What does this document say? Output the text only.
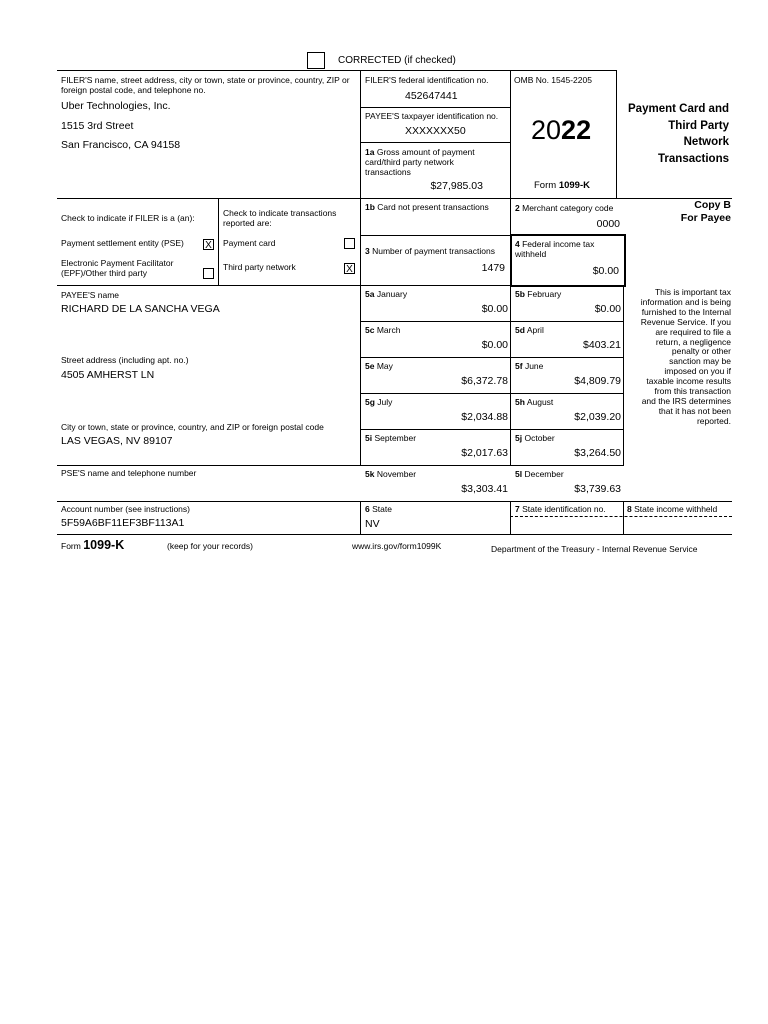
CORRECTED (if checked)
FILER'S name, street address, city or town, state or province, country, ZIP or foreign postal code, and telephone no.
Uber Technologies, Inc.
1515 3rd Street
San Francisco, CA 94158
FILER'S federal identification no.
452647441
PAYEE'S taxpayer identification no.
XXXXXXX50
1a Gross amount of payment card/third party network transactions
$27,985.03
OMB No. 1545-2205
2022
Form 1099-K
Payment Card and
Third Party
Network
Transactions
Copy B
For Payee
Check to indicate if FILER is a (an):
Payment settlement entity (PSE) X
Electronic Payment Facilitator (EPF)/Other third party
Check to indicate transactions reported are:
Payment card
Third party network	X
1b Card not present transactions	2 Merchant category code
0000
3 Number of payment transactions
1479
4 Federal income tax withheld
$0.00
PAYEE'S name
RICHARD DE LA SANCHA VEGA
Street address (including apt. no.)
4505 AMHERST LN
City or town, state or province, country, and ZIP or foreign postal code
LAS VEGAS, NV 89107
PSE'S name and telephone number
5a January
$0.00
5b February
$0.00
5c March
$0.00
5d April
$403.21
5e May
$6,372.78
5f June
$4,809.79
5g July
$2,034.88
5h August
$2,039.20
5i September
$2,017.63
5j October
$3,264.50
5k November
$3,303.41
5l December
$3,739.63
This is important tax information and is being furnished to the Internal Revenue Service. If you are required to file a return, a negligence penalty or other sanction may be imposed on you if taxable income results from this transaction and the IRS determines that it has not been reported.
Account number (see instructions)
5F59A6BF11EF3BF113A1
6 State
NV
7 State identification no.	8 State income withheld
Form 1099-K	(keep for your records)	www.irs.gov/form1099K	Department of the Treasury - Internal Revenue Service
